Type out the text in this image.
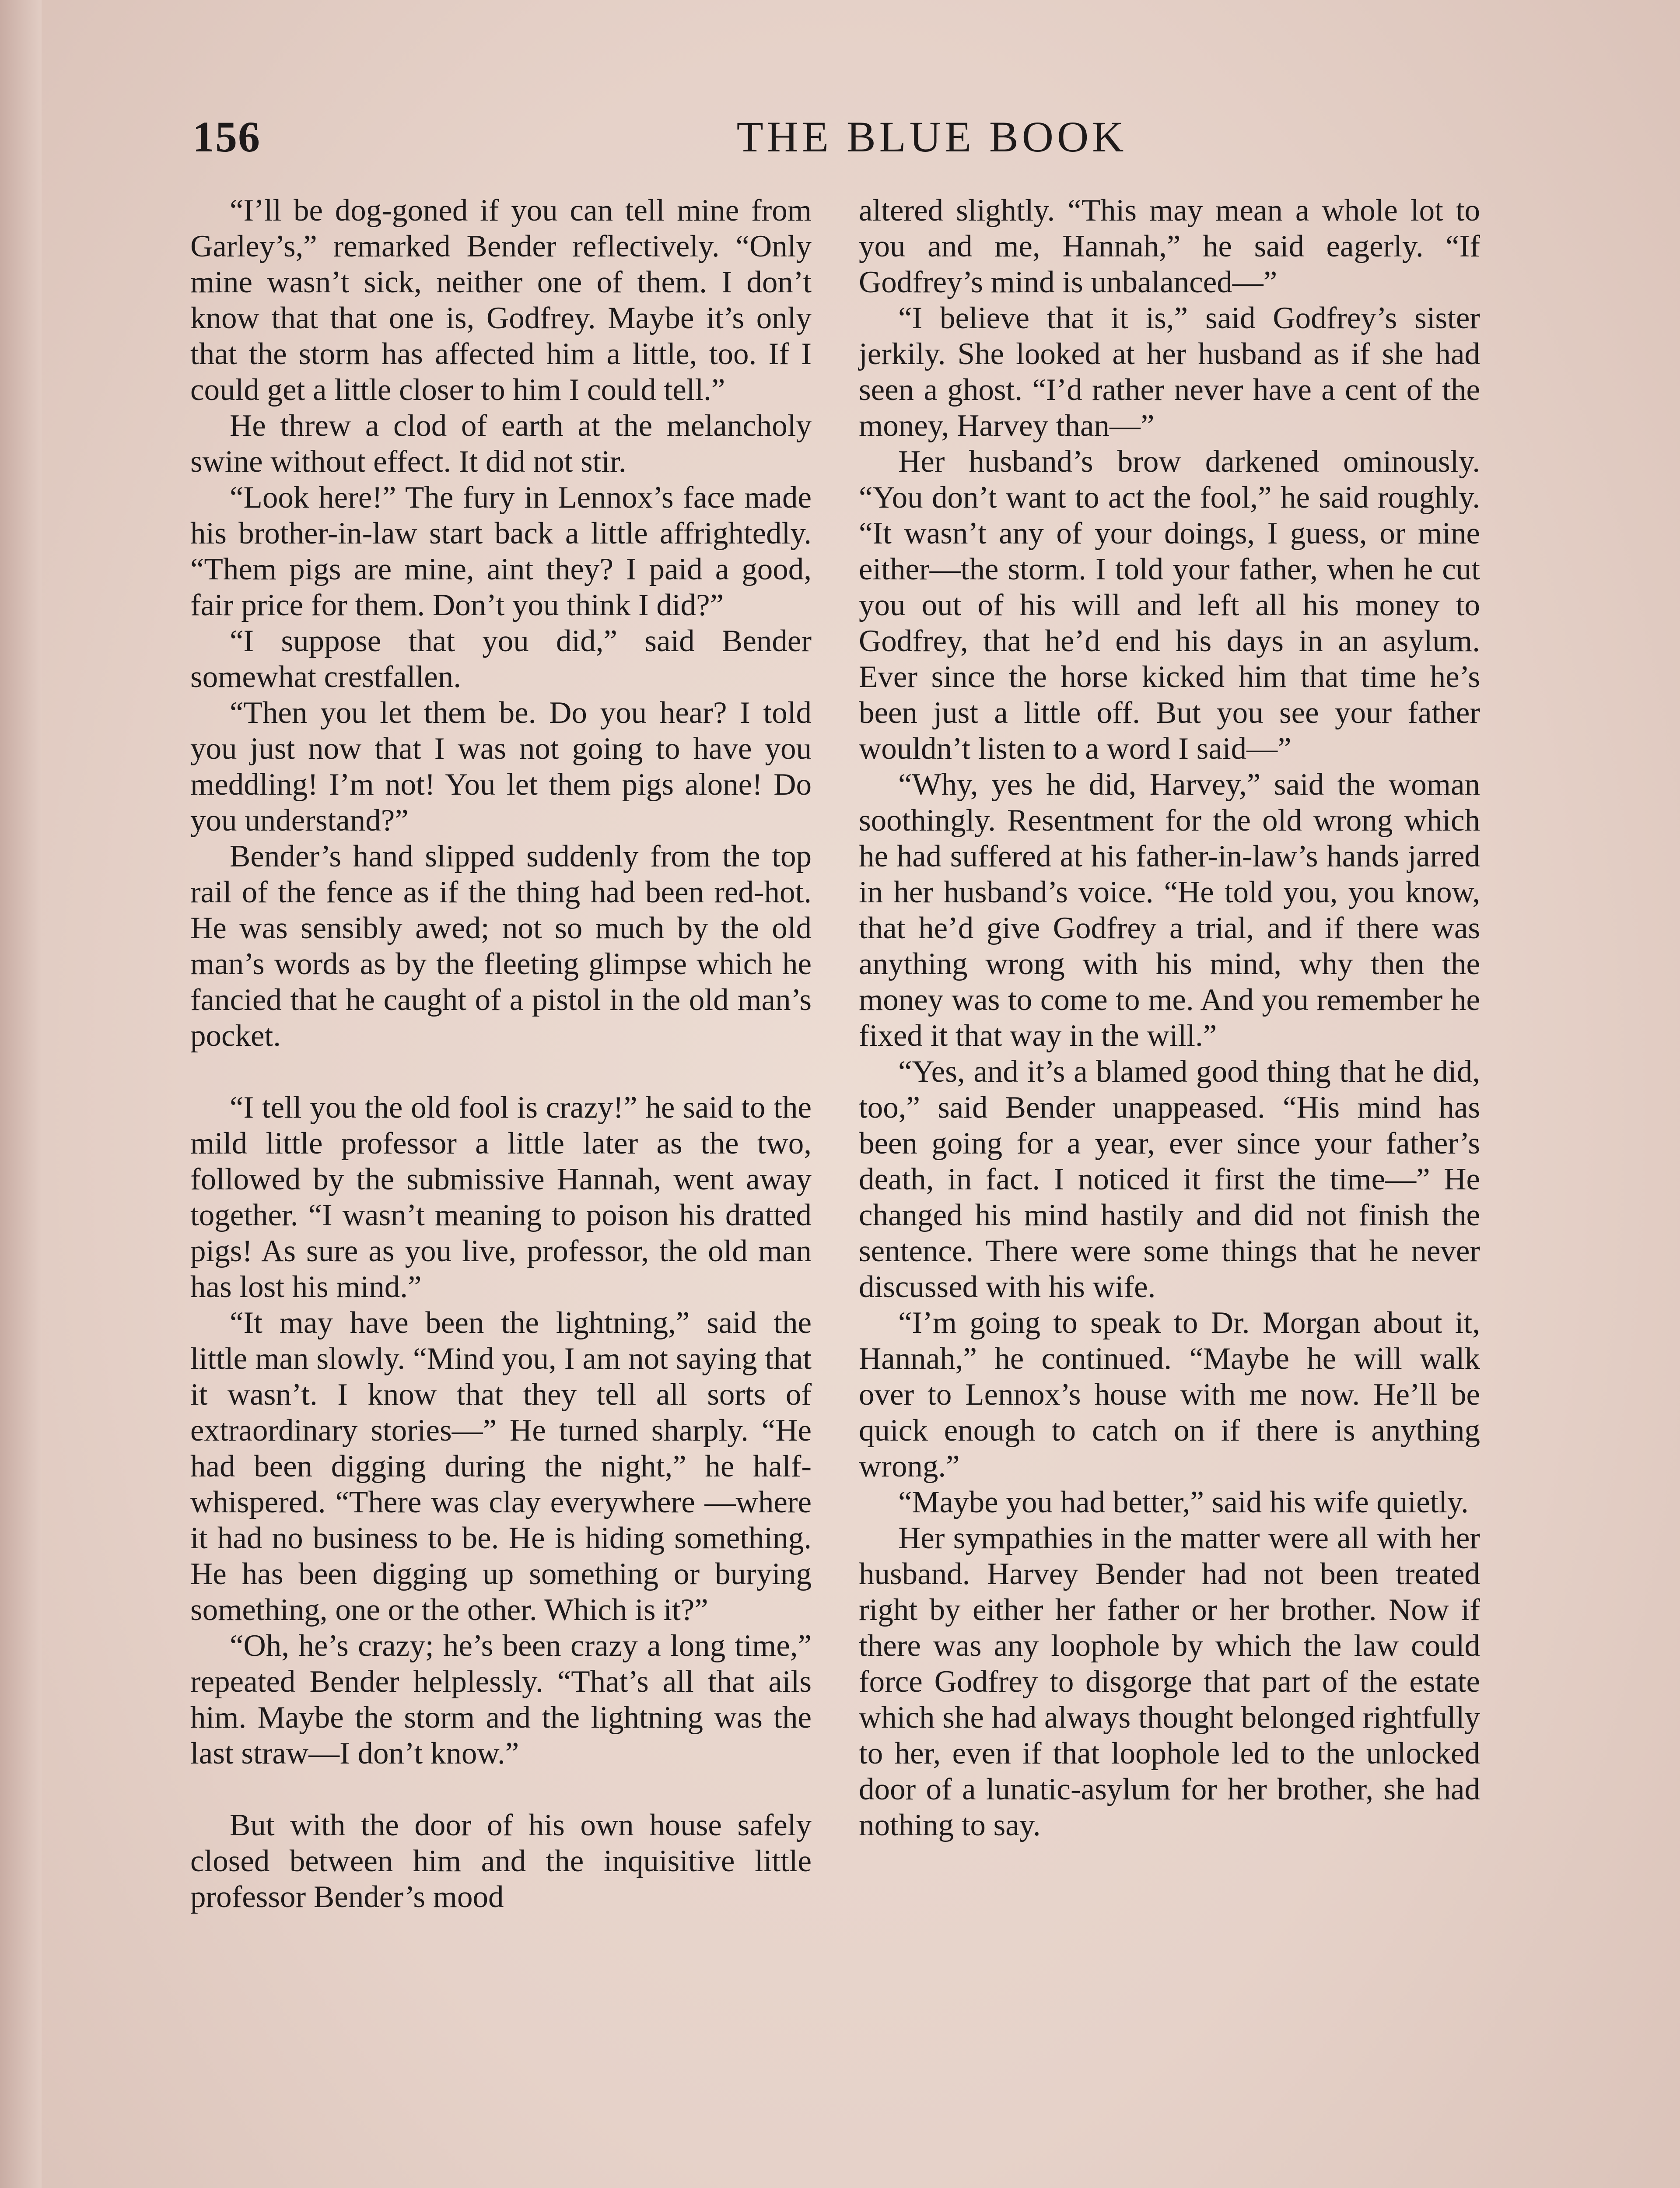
156	THE BLUE BOOK

“I’ll be dog-goned if you can tell mine from Garley’s,” remarked Bender reflectively. “Only mine wasn’t sick, neither one of them. I don’t know that that one is, Godfrey. Maybe it’s only that the storm has affected him a little, too. If I could get a little closer to him I could tell.”

He threw a clod of earth at the melancholy swine without effect. It did not stir.

“Look here!” The fury in Lennox’s face made his brother-in-law start back a little affrightedly. “Them pigs are mine, aint they? I paid a good, fair price for them. Don’t you think I did?”

“I suppose that you did,” said Bender somewhat crestfallen.

“Then you let them be. Do you hear? I told you just now that I was not going to have you meddling! I’m not! You let them pigs alone! Do you understand?”

Bender’s hand slipped suddenly from the top rail of the fence as if the thing had been red-hot. He was sensibly awed; not so much by the old man’s words as by the fleeting glimpse which he fancied that he caught of a pistol in the old man’s pocket.

“I tell you the old fool is crazy!” he said to the mild little professor a little later as the two, followed by the submissive Hannah, went away together. “I wasn’t meaning to poison his dratted pigs! As sure as you live, professor, the old man has lost his mind.”

“It may have been the lightning,” said the little man slowly. “Mind you, I am not saying that it wasn’t. I know that they tell all sorts of extraordinary stories—” He turned sharply. “He had been digging during the night,” he half-whispered. “There was clay everywhere —where it had no business to be. He is hiding something. He has been digging up something or burying something, one or the other. Which is it?”

“Oh, he’s crazy; he’s been crazy a long time,” repeated Bender helplessly. “That’s all that ails him. Maybe the storm and the lightning was the last straw—I don’t know.”

But with the door of his own house safely closed between him and the inquisitive little professor Bender’s mood

altered slightly. “This may mean a whole lot to you and me, Hannah,” he said eagerly. “If Godfrey’s mind is unbalanced—”

“I believe that it is,” said Godfrey’s sister jerkily. She looked at her husband as if she had seen a ghost. “I’d rather never have a cent of the money, Harvey than—”

Her husband’s brow darkened ominously. “You don’t want to act the fool,” he said roughly. “It wasn’t any of your doings, I guess, or mine either—the storm. I told your father, when he cut you out of his will and left all his money to Godfrey, that he’d end his days in an asylum. Ever since the horse kicked him that time he’s been just a little off. But you see your father wouldn’t listen to a word I said—”

“Why, yes he did, Harvey,” said the woman soothingly. Resentment for the old wrong which he had suffered at his father-in-law’s hands jarred in her husband’s voice. “He told you, you know, that he’d give Godfrey a trial, and if there was anything wrong with his mind, why then the money was to come to me. And you remember he fixed it that way in the will.”

“Yes, and it’s a blamed good thing that he did, too,” said Bender unappeased. “His mind has been going for a year, ever since your father’s death, in fact. I noticed it first the time—” He changed his mind hastily and did not finish the sentence. There were some things that he never discussed with his wife.

“I’m going to speak to Dr. Morgan about it, Hannah,” he continued. “Maybe he will walk over to Lennox’s house with me now. He’ll be quick enough to catch on if there is anything wrong.”

“Maybe you had better,” said his wife quietly.

Her sympathies in the matter were all with her husband. Harvey Bender had not been treated right by either her father or her brother. Now if there was any loophole by which the law could force Godfrey to disgorge that part of the estate which she had always thought belonged rightfully to her, even if that loophole led to the unlocked door of a lunatic-asylum for her brother, she had nothing to say.
